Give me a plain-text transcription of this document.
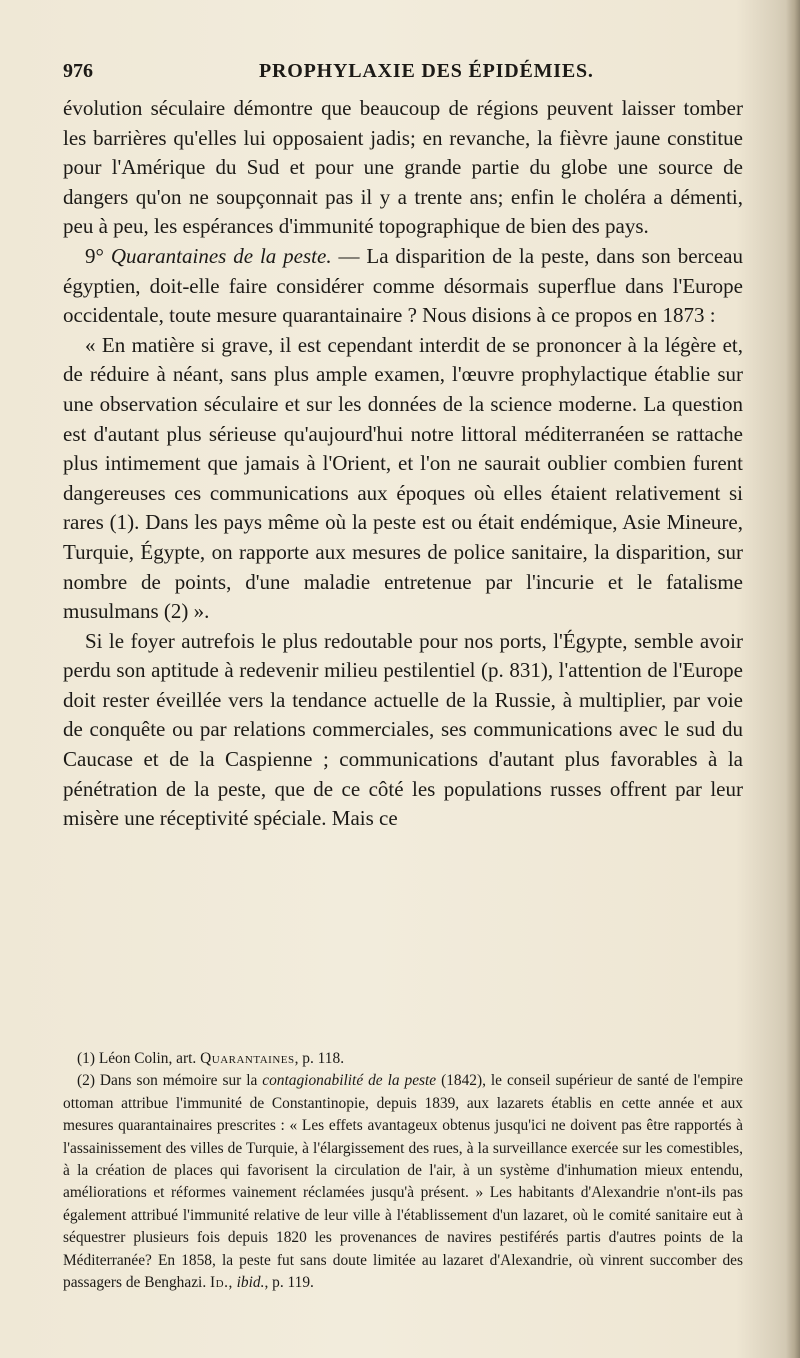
976	PROPHYLAXIE DES ÉPIDÉMIES.

évolution séculaire démontre que beaucoup de régions peuvent laisser tomber les barrières qu'elles lui opposaient jadis; en revanche, la fièvre jaune constitue pour l'Amérique du Sud et pour une grande partie du globe une source de dangers qu'on ne soupçonnait pas il y a trente ans; enfin le choléra a démenti, peu à peu, les espérances d'immunité topographique de bien des pays.

9° Quarantaines de la peste. — La disparition de la peste, dans son berceau égyptien, doit-elle faire considérer comme désormais superflue dans l'Europe occidentale, toute mesure quarantainaire ? Nous disions à ce propos en 1873 :

« En matière si grave, il est cependant interdit de se prononcer à la légère et, de réduire à néant, sans plus ample examen, l'œuvre prophylactique établie sur une observation séculaire et sur les données de la science moderne. La question est d'autant plus sérieuse qu'aujourd'hui notre littoral méditerranéen se rattache plus intimement que jamais à l'Orient, et l'on ne saurait oublier combien furent dangereuses ces communications aux époques où elles étaient relativement si rares (1). Dans les pays même où la peste est ou était endémique, Asie Mineure, Turquie, Égypte, on rapporte aux mesures de police sanitaire, la disparition, sur nombre de points, d'une maladie entretenue par l'incurie et le fatalisme musulmans (2) ».

Si le foyer autrefois le plus redoutable pour nos ports, l'Égypte, semble avoir perdu son aptitude à redevenir milieu pestilentiel (p. 831), l'attention de l'Europe doit rester éveillée vers la tendance actuelle de la Russie, à multiplier, par voie de conquête ou par relations commerciales, ses communications avec le sud du Caucase et de la Caspienne ; communications d'autant plus favorables à la pénétration de la peste, que de ce côté les populations russes offrent par leur misère une réceptivité spéciale. Mais ce

(1) Léon Colin, art. Quarantaines, p. 118.

(2) Dans son mémoire sur la contagionabilité de la peste (1842), le conseil supérieur de santé de l'empire ottoman attribue l'immunité de Constantinopie, depuis 1839, aux lazarets établis en cette année et aux mesures quarantainaires prescrites : « Les effets avantageux obtenus jusqu'ici ne doivent pas être rapportés à l'assainissement des villes de Turquie, à l'élargissement des rues, à la surveillance exercée sur les comestibles, à la création de places qui favorisent la circulation de l'air, à un système d'inhumation mieux entendu, améliorations et réformes vainement réclamées jusqu'à présent. » Les habitants d'Alexandrie n'ont-ils pas également attribué l'immunité relative de leur ville à l'établissement d'un lazaret, où le comité sanitaire eut à séquestrer plusieurs fois depuis 1820 les provenances de navires pestiférés partis d'autres points de la Méditerranée? En 1858, la peste fut sans doute limitée au lazaret d'Alexandrie, où vinrent succomber des passagers de Benghazi. Id., ibid., p. 119.
